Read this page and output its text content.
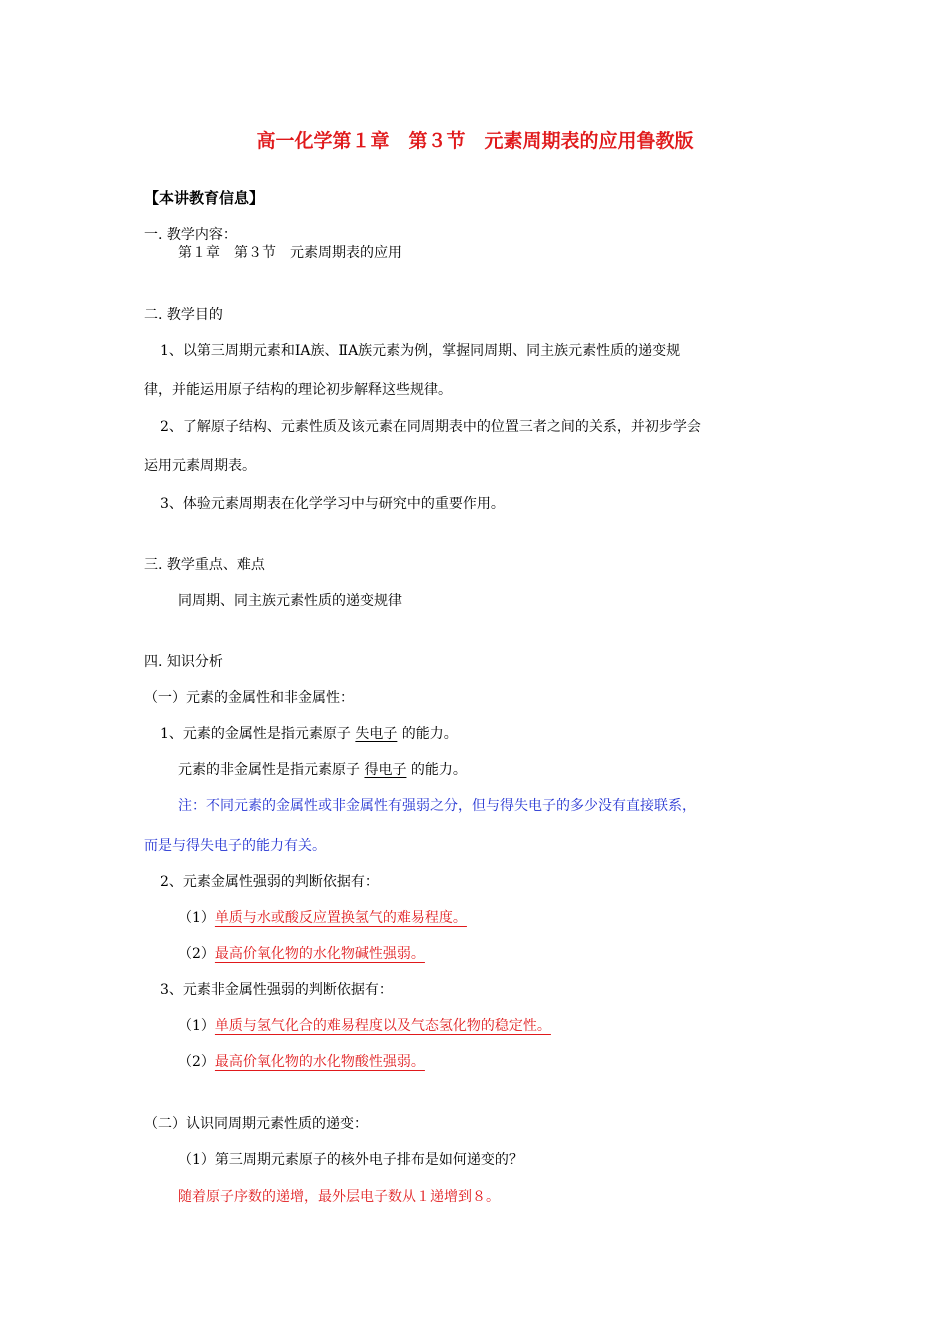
高一化学第１章　第３节　元素周期表的应用鲁教版
【本讲教育信息】
一. 教学内容：
第１章　第３节　元素周期表的应用
二. 教学目的
1、以第三周期元素和ⅠA族、ⅡA族元素为例，掌握同周期、同主族元素性质的递变规
律，并能运用原子结构的理论初步解释这些规律。
2、了解原子结构、元素性质及该元素在同周期表中的位置三者之间的关系，并初步学会
运用元素周期表。
3、体验元素周期表在化学学习中与研究中的重要作用。
三. 教学重点、难点
同周期、同主族元素性质的递变规律
四. 知识分析
（一）元素的金属性和非金属性：
1、元素的金属性是指元素原子 失电子 的能力。
元素的非金属性是指元素原子 得电子 的能力。
注：不同元素的金属性或非金属性有强弱之分，但与得失电子的多少没有直接联系，
而是与得失电子的能力有关。
2、元素金属性强弱的判断依据有：
（1）单质与水或酸反应置换氢气的难易程度。
（2）最高价氧化物的水化物碱性强弱。
3、元素非金属性强弱的判断依据有：
（1）单质与氢气化合的难易程度以及气态氢化物的稳定性。
（2）最高价氧化物的水化物酸性强弱。
（二）认识同周期元素性质的递变：
（1）第三周期元素原子的核外电子排布是如何递变的？
随着原子序数的递增，最外层电子数从１递增到８。
